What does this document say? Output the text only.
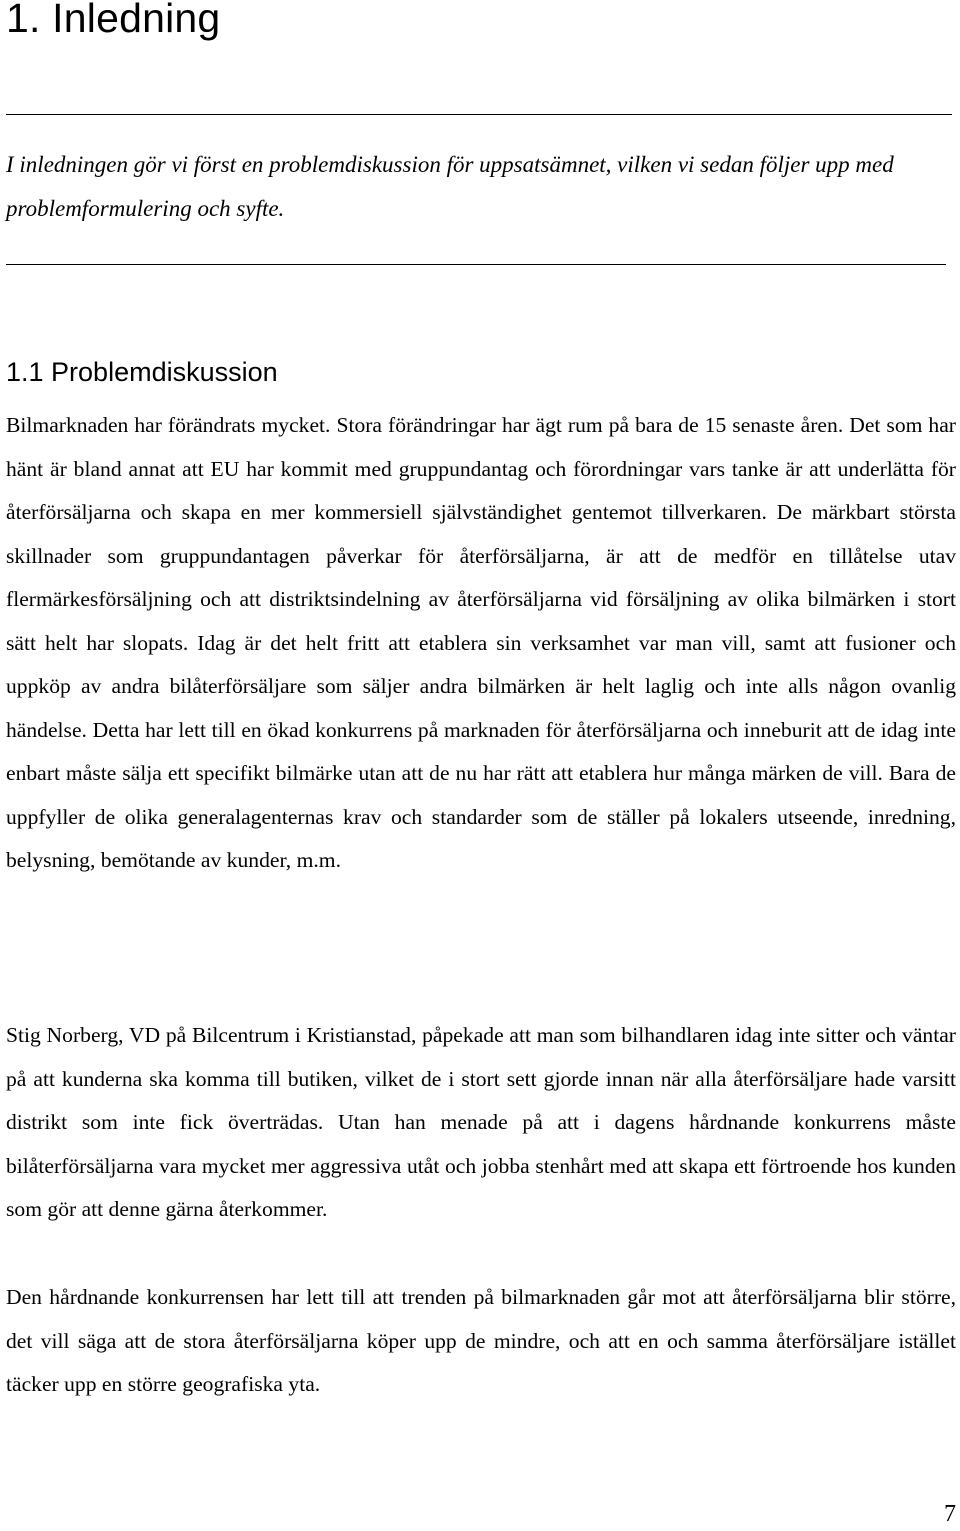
1. Inledning

I inledningen gör vi först en problemdiskussion för uppsatsämnet, vilken vi sedan följer upp med problemformulering och syfte.

1.1 Problemdiskussion

Bilmarknaden har förändrats mycket. Stora förändringar har ägt rum på bara de 15 senaste åren. Det som har hänt är bland annat att EU har kommit med gruppundantag och förordningar vars tanke är att underlätta för återförsäljarna och skapa en mer kommersiell självständighet gentemot tillverkaren. De märkbart största skillnader som gruppundantagen påverkar för återförsäljarna, är att de medför en tillåtelse utav flermärkesförsäljning och att distriktsindelning av återförsäljarna vid försäljning av olika bilmärken i stort sätt helt har slopats. Idag är det helt fritt att etablera sin verksamhet var man vill, samt att fusioner och uppköp av andra bilåterförsäljare som säljer andra bilmärken är helt laglig och inte alls någon ovanlig händelse. Detta har lett till en ökad konkurrens på marknaden för återförsäljarna och inneburit att de idag inte enbart måste sälja ett specifikt bilmärke utan att de nu har rätt att etablera hur många märken de vill. Bara de uppfyller de olika generalagenternas krav och standarder som de ställer på lokalers utseende, inredning, belysning, bemötande av kunder, m.m.

Stig Norberg, VD på Bilcentrum i Kristianstad, påpekade att man som bilhandlaren idag inte sitter och väntar på att kunderna ska komma till butiken, vilket de i stort sett gjorde innan när alla återförsäljare hade varsitt distrikt som inte fick överträdas. Utan han menade på att i dagens hårdnande konkurrens måste bilåterförsäljarna vara mycket mer aggressiva utåt och jobba stenhårt med att skapa ett förtroende hos kunden som gör att denne gärna återkommer.

Den hårdnande konkurrensen har lett till att trenden på bilmarknaden går mot att återförsäljarna blir större, det vill säga att de stora återförsäljarna köper upp de mindre, och att en och samma återförsäljare istället täcker upp en större geografiska yta.

7
